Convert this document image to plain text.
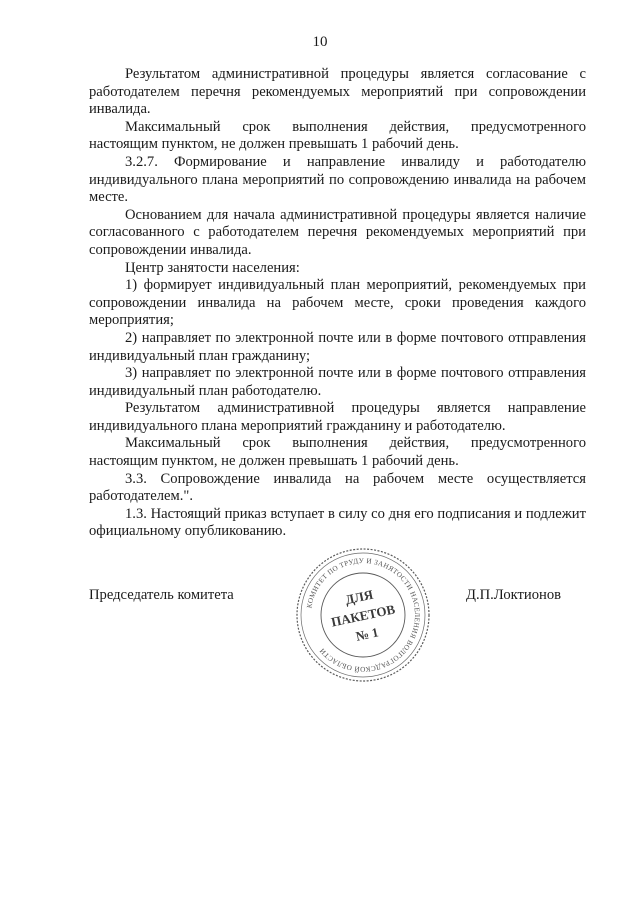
10

Результатом административной процедуры является согласование с работодателем перечня рекомендуемых мероприятий при сопровождении инвалида.

Максимальный срок выполнения действия, предусмотренного настоящим пунктом, не должен превышать 1 рабочий день.

3.2.7. Формирование и направление инвалиду и работодателю индивидуального плана мероприятий по сопровождению инвалида на рабочем месте.

Основанием для начала административной процедуры является наличие согласованного с работодателем перечня рекомендуемых мероприятий при сопровождении инвалида.

Центр занятости населения:

1) формирует индивидуальный план мероприятий, рекомендуемых при сопровождении инвалида на рабочем месте, сроки проведения каждого мероприятия;

2) направляет по электронной почте или в форме почтового отправления индивидуальный план гражданину;

3) направляет по электронной почте или в форме почтового отправления индивидуальный план работодателю.

Результатом административной процедуры является направление индивидуального плана мероприятий гражданину и работодателю.

Максимальный срок выполнения действия, предусмотренного настоящим пунктом, не должен превышать 1 рабочий день.

3.3. Сопровождение инвалида на рабочем месте осуществляется работодателем.".

1.3. Настоящий приказ вступает в силу со дня его подписания и подлежит официальному опубликованию.

Председатель комитета	Д.П.Локтионов
КОМИТЕТ ПО ТРУДУ И ЗАНЯТОСТИ НАСЕЛЕНИЯ ВОЛГОГРАДСКОЙ ОБЛАСТИ
ДЛЯ
ПАКЕТОВ
№ 1
